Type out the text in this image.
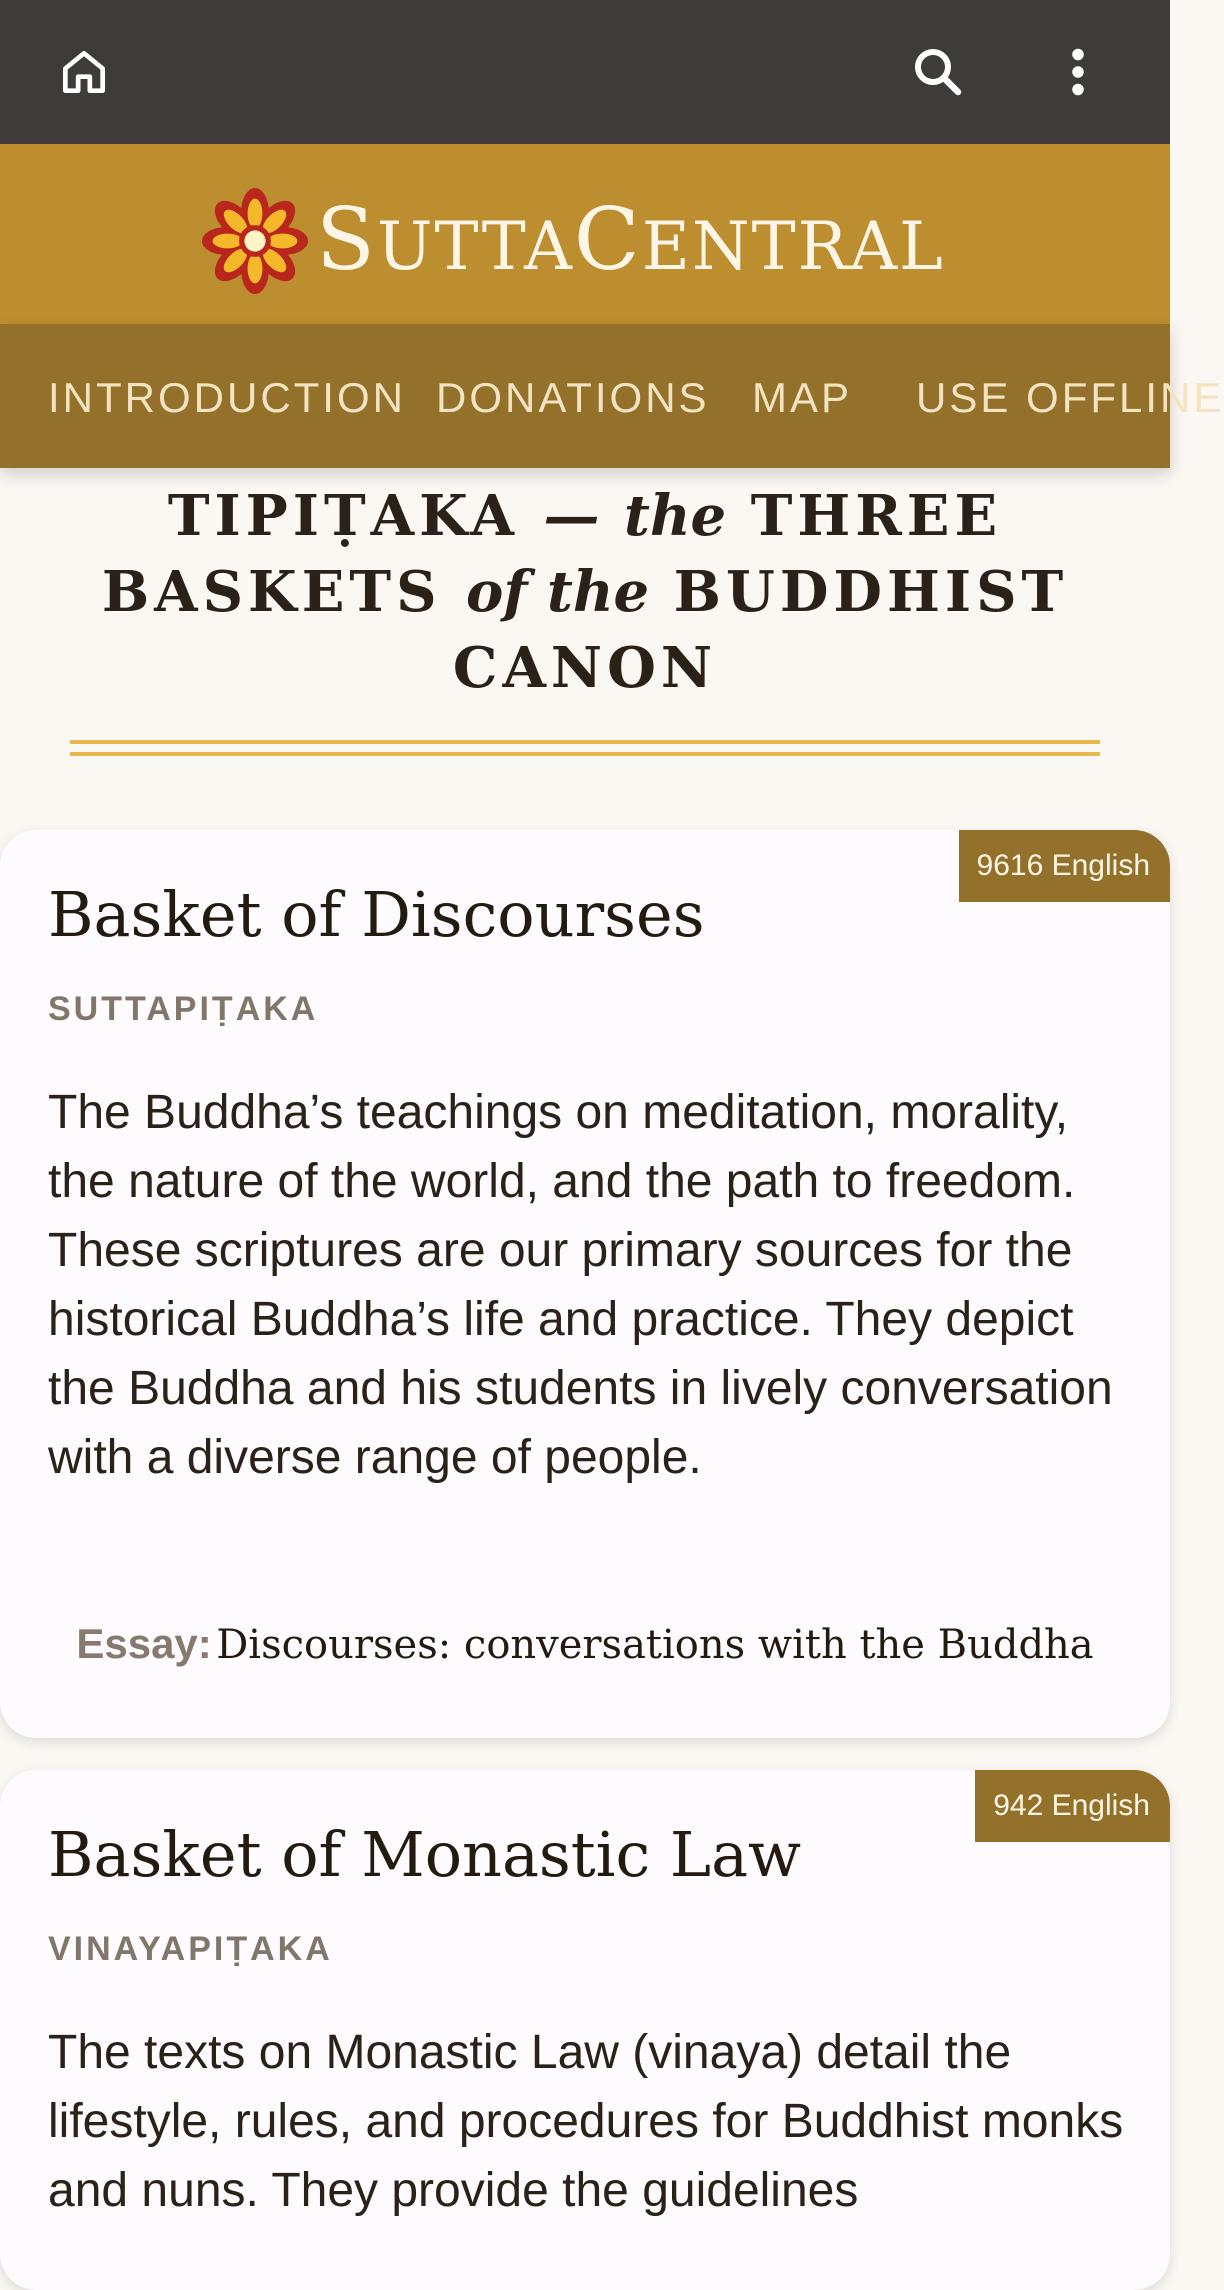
SUTTACENTRAL
INTRODUCTION DONATIONS MAP USE OFFLINE
TIPIṬAKA — the THREE
BASKETS of the BUDDHIST
CANON
9616 English
Basket of Discourses
SUTTAPIṬAKA
The Buddha’s teachings on meditation, morality, the nature of the world, and the path to freedom. These scriptures are our primary sources for the historical Buddha’s life and practice. They depict the Buddha and his students in lively conversation with a diverse range of people.
Essay: Discourses: conversations with the Buddha
942 English
Basket of Monastic Law
VINAYAPIṬAKA
The texts on Monastic Law (vinaya) detail the lifestyle, rules, and procedures for Buddhist monks and nuns. They provide the guidelines
